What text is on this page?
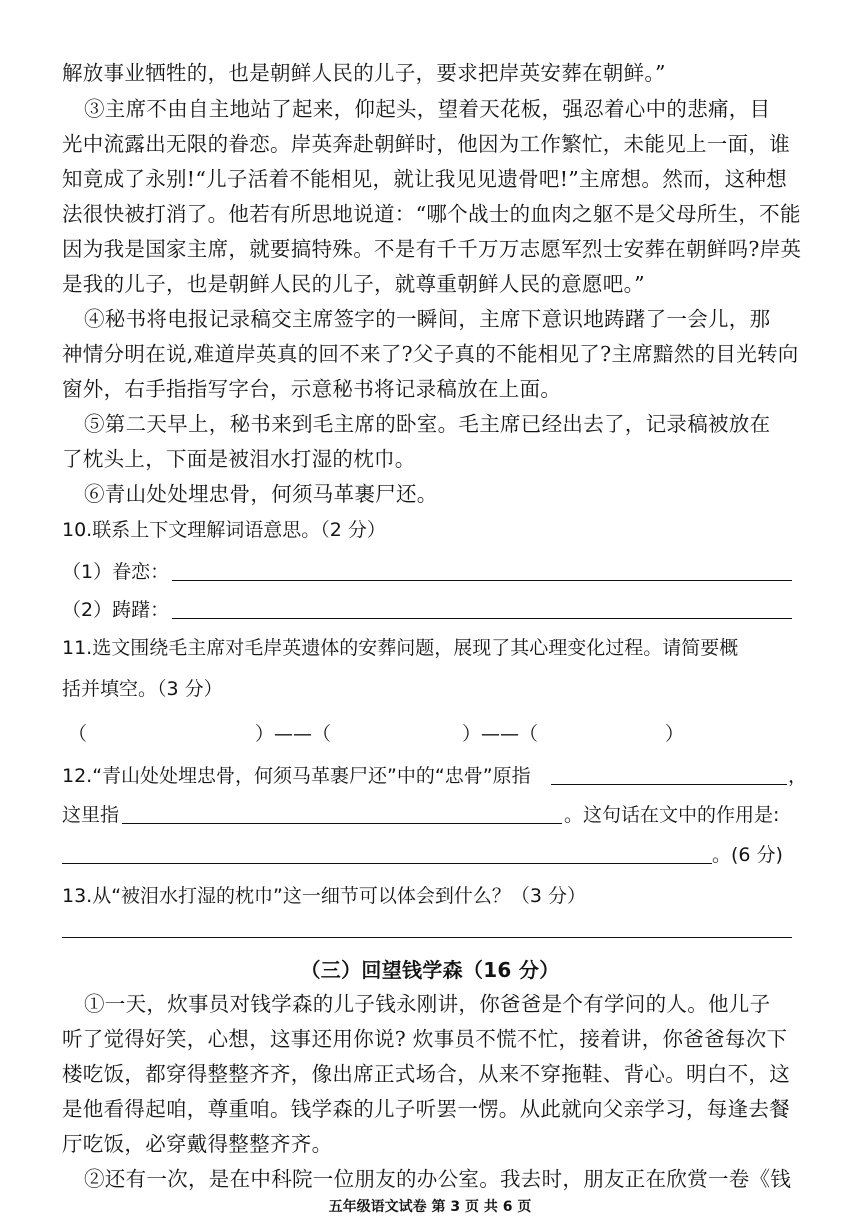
解放事业牺牲的，也是朝鲜人民的儿子，要求把岸英安葬在朝鲜。”
③主席不由自主地站了起来，仰起头，望着天花板，强忍着心中的悲痛，目
光中流露出无限的眷恋。岸英奔赴朝鲜时，他因为工作繁忙，未能见上一面，谁
知竟成了永别!“儿子活着不能相见，就让我见见遗骨吧!”主席想。然而，这种想
法很快被打消了。他若有所思地说道：“哪个战士的血肉之躯不是父母所生，不能
因为我是国家主席，就要搞特殊。不是有千千万万志愿军烈士安葬在朝鲜吗?岸英
是我的儿子，也是朝鲜人民的儿子，就尊重朝鲜人民的意愿吧。”
④秘书将电报记录稿交主席签字的一瞬间，主席下意识地踌躇了一会儿，那
神情分明在说,难道岸英真的回不来了?父子真的不能相见了?主席黯然的目光转向
窗外，右手指指写字台，示意秘书将记录稿放在上面。
⑤第二天早上，秘书来到毛主席的卧室。毛主席已经出去了，记录稿被放在
了枕头上，下面是被泪水打湿的枕巾。
⑥青山处处埋忠骨，何须马革裹尸还。
10.联系上下文理解词语意思。（2 分）
（1）眷恋：
（2）踌躇：
11.选文围绕毛主席对毛岸英遗体的安葬问题，展现了其心理变化过程。请简要概
括并填空。（3 分）
（	）——（	）——（	）
12.“青山处处埋忠骨，何须马革裹尸还”中的“忠骨”原指	，
这里指	。这句话在文中的作用是:
。(6 分)
13.从“被泪水打湿的枕巾”这一细节可以体会到什么？（3 分）
（三）回望钱学森（16 分）
①一天，炊事员对钱学森的儿子钱永刚讲，你爸爸是个有学问的人。他儿子
听了觉得好笑，心想，这事还用你说? 炊事员不慌不忙，接着讲，你爸爸每次下
楼吃饭，都穿得整整齐齐，像出席正式场合，从来不穿拖鞋、背心。明白不，这
是他看得起咱，尊重咱。钱学森的儿子听罢一愣。从此就向父亲学习，每逢去餐
厅吃饭，必穿戴得整整齐齐。
②还有一次，是在中科院一位朋友的办公室。我去时，朋友正在欣赏一卷《钱
五年级语文试卷 第 3 页 共 6 页
